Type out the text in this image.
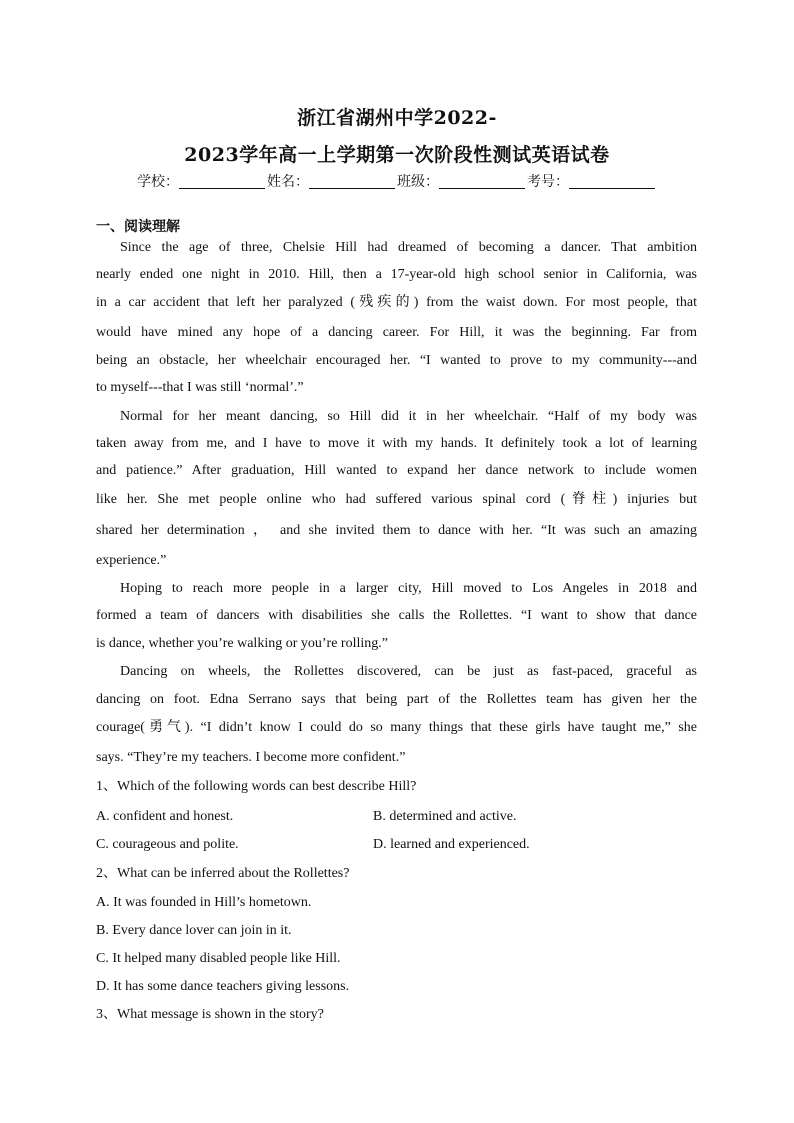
浙江省湖州中学2022-
2023学年高一上学期第一次阶段性测试英语试卷
学校：	姓名：	班级：	考号：
一、阅读理解
Since the age of three, Chelsie Hill had dreamed of becoming a dancer. That ambition
nearly ended one night in 2010. Hill, then a 17-year-old high school senior in California, was
in a car accident that left her paralyzed (残疾的) from the waist down. For most people, that
would have mined any hope of a dancing career. For Hill, it was the beginning. Far from
being an obstacle, her wheelchair encouraged her. “I wanted to prove to my community---and
to myself---that I was still ‘normal’.”
Normal for her meant dancing, so Hill did it in her wheelchair. “Half of my body was
taken away from me, and I have to move it with my hands. It definitely took a lot of learning
and patience.” After graduation, Hill wanted to expand her dance network to include women
like her. She met people online who had suffered various spinal cord (脊柱) injuries but
shared her determination ， and she invited them to dance with her. “It was such an amazing
experience.”
Hoping to reach more people in a larger city, Hill moved to Los Angeles in 2018 and
formed a team of dancers with disabilities she calls the Rollettes. “I want to show that dance
is dance, whether you’re walking or you’re rolling.”
Dancing on wheels, the Rollettes discovered, can be just as fast-paced, graceful as
dancing on foot. Edna Serrano says that being part of the Rollettes team has given her the
courage(勇气). “I didn’t know I could do so many things that these girls have taught me,” she
says. “They’re my teachers. I become more confident.”
1、Which of the following words can best describe Hill?
A. confident and honest.	B. determined and active.
C. courageous and polite.	D. learned and experienced.
2、What can be inferred about the Rollettes?
A. It was founded in Hill’s hometown.
B. Every dance lover can join in it.
C. It helped many disabled people like Hill.
D. It has some dance teachers giving lessons.
3、What message is shown in the story?
